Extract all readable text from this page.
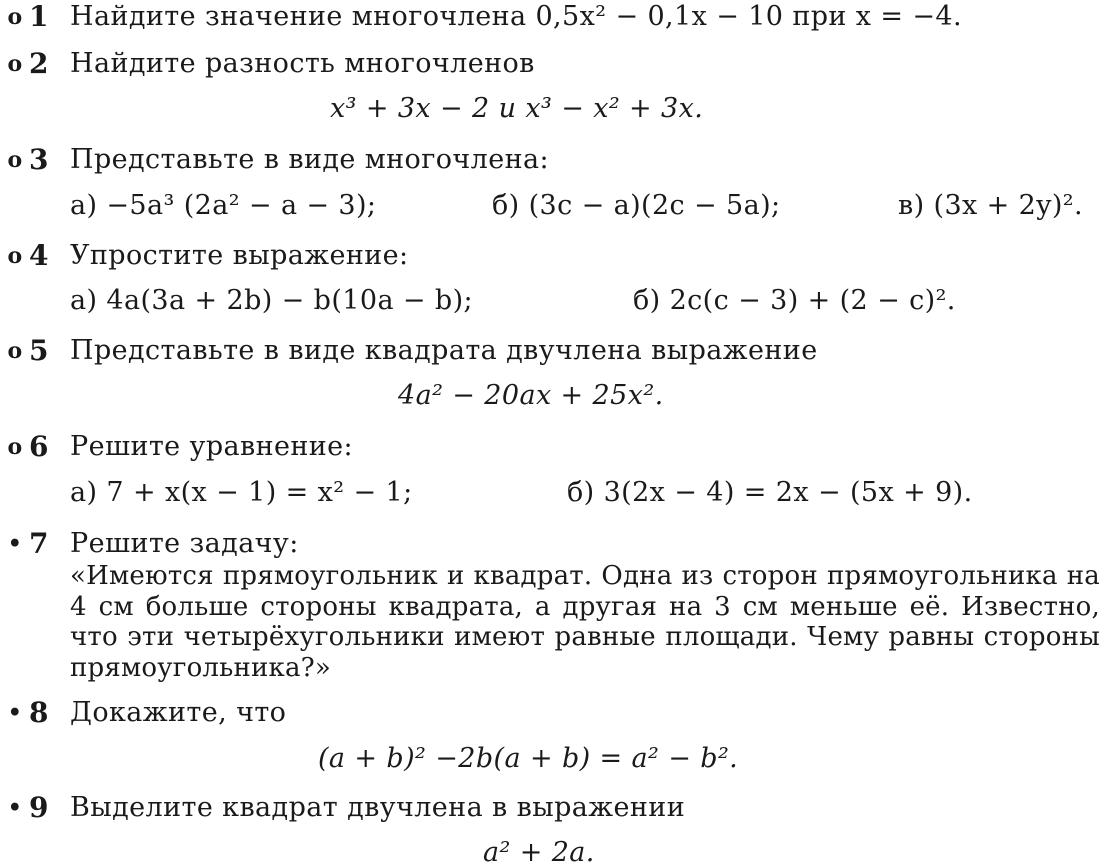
o 1 Найдите значение многочлена 0,5x² − 0,1x − 10 при x = −4.
o 2 Найдите разность многочленов
x³ + 3x − 2 и x³ − x² + 3x.
o 3 Представьте в виде многочлена:
а) −5a³ (2a² − a − 3);	б) (3c − a)(2c − 5a);	в) (3x + 2y)².
o 4 Упростите выражение:
а) 4a(3a + 2b) − b(10a − b);	б) 2c(c − 3) + (2 − c)².
o 5 Представьте в виде квадрата двучлена выражение
4a² − 20ax + 25x².
o 6 Решите уравнение:
а) 7 + x(x − 1) = x² − 1;	б) 3(2x − 4) = 2x − (5x + 9).
• 7 Решите задачу:
«Имеются прямоугольник и квадрат. Одна из сторон прямоугольника на 4 см больше стороны квадрата, а другая на 3 см меньше её. Известно, что эти четырёхугольники имеют равные площади. Чему равны стороны прямоугольника?»
• 8 Докажите, что
(a + b)² −2b(a + b) = a² − b².
• 9 Выделите квадрат двучлена в выражении
a² + 2a.
